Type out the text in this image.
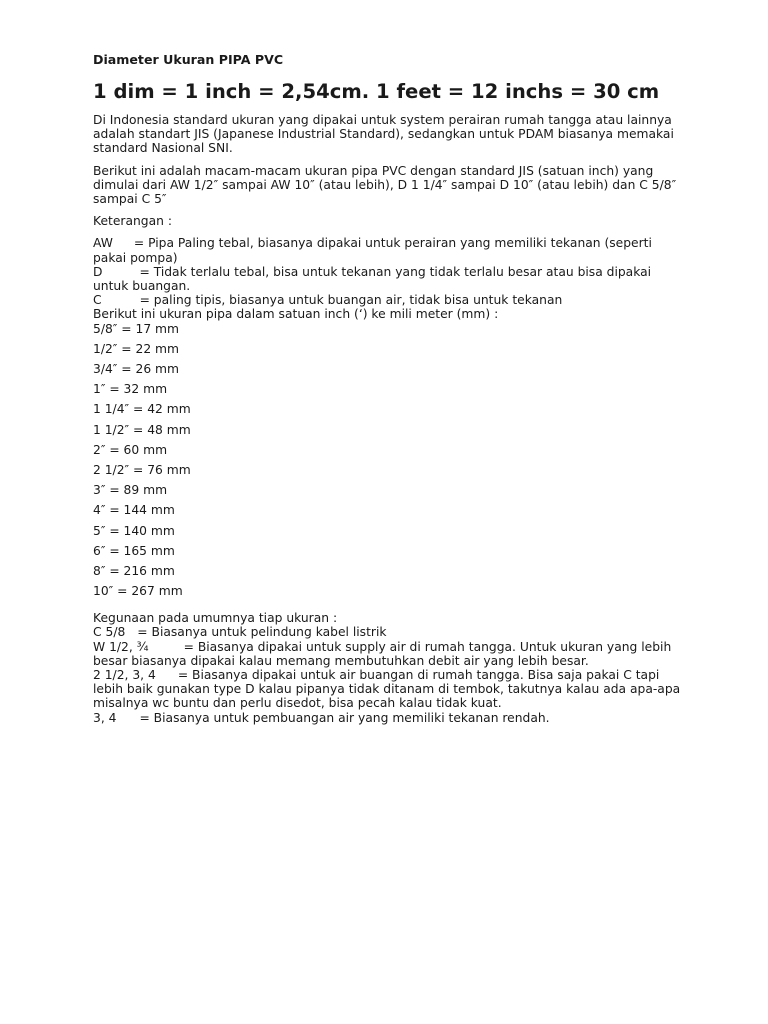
Diameter Ukuran PIPA PVC

1 dim = 1 inch = 2,54cm. 1 feet = 12 inchs = 30 cm

Di Indonesia standard ukuran yang dipakai untuk system perairan rumah tangga atau lainnya adalah standart JIS (Japanese Industrial Standard), sedangkan untuk PDAM biasanya memakai standard Nasional SNI.

Berikut ini adalah macam-macam ukuran pipa PVC dengan standard JIS (satuan inch) yang dimulai dari AW 1/2″ sampai AW 10″ (atau lebih), D 1 1/4″ sampai D 10″ (atau lebih) dan C 5/8″ sampai C 5″

Keterangan :

AW = Pipa Paling tebal, biasanya dipakai untuk perairan yang memiliki tekanan (seperti pakai pompa)

D	= Tidak terlalu tebal, bisa untuk tekanan yang tidak terlalu besar atau bisa dipakai untuk buangan.

C	= paling tipis, biasanya untuk buangan air, tidak bisa untuk tekanan

Berikut ini ukuran pipa dalam satuan inch (‘) ke mili meter (mm) :

5/8″ = 17 mm
1/2″ = 22 mm
3/4″ = 26 mm
1″ = 32 mm
1 1/4″ = 42 mm
1 1/2″ = 48 mm
2″ = 60 mm
2 1/2″ = 76 mm
3″ = 89 mm
4″ = 144 mm
5″ = 140 mm
6″ = 165 mm
8″ = 216 mm
10″ = 267 mm

Kegunaan pada umumnya tiap ukuran :

C 5/8 = Biasanya untuk pelindung kabel listrik

W 1/2, ¾	= Biasanya dipakai untuk supply air di rumah tangga. Untuk ukuran yang lebih besar biasanya dipakai kalau memang membutuhkan debit air yang lebih besar.

2 1/2, 3, 4 = Biasanya dipakai untuk air buangan di rumah tangga. Bisa saja pakai C tapi lebih baik gunakan type D kalau pipanya tidak ditanam di tembok, takutnya kalau ada apa-apa misalnya wc buntu dan perlu disedot, bisa pecah kalau tidak kuat.

3, 4 = Biasanya untuk pembuangan air yang memiliki tekanan rendah.
